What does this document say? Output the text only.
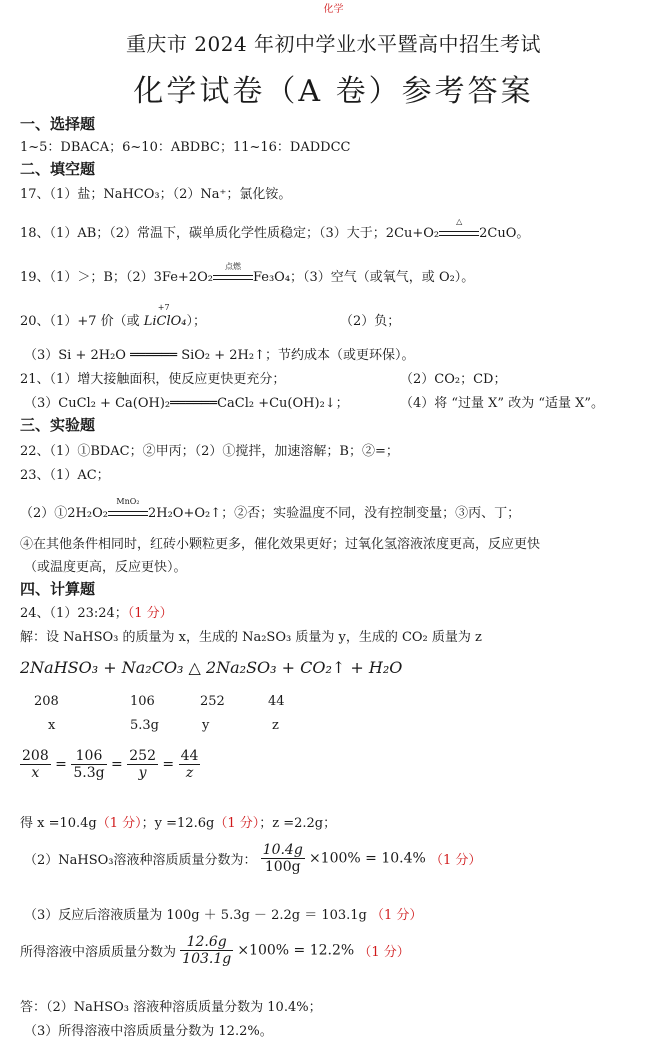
化学
重庆市 2024 年初中学业水平暨高中招生考试
化学试卷（A 卷）参考答案
一、选择题
1~5：DBACA；6~10：ABDBC；11~16：DADDCC
二、填空题
17、（1）盐；NaHCO₃；（2）Na⁺；氯化铵。
18、（1）AB；（2）常温下，碳单质化学性质稳定；（3）大于；2Cu+O₂
△
2CuO。
19、（1）＞；B；（2）3Fe+2O₂
点燃
Fe₃O₄；（3）空气（或氧气，或 O₂）。
20、（1）+7 价（或 LiClO₄
+7
）；	（2）负；
（3）Si + 2H₂O ══════ SiO₂ + 2H₂↑；节约成本（或更环保）。
21、（1）增大接触面积，使反应更快更充分；	（2）CO₂；CD；
（3）CuCl₂ + Ca(OH)₂══════CaCl₂ +Cu(OH)₂↓；	（4）将 “过量 X” 改为 “适量 X”。
三、实验题
22、（1）①BDAC；②甲丙；（2）①搅拌，加速溶解；B；②=；
23、（1）AC；
（2）①2H₂O₂
MnO₂
2H₂O+O₂↑；②否；实验温度不同，没有控制变量；③丙、丁；
④在其他条件相同时，红砖小颗粒更多，催化效果更好；过氧化氢溶液浓度更高，反应更快
（或温度更高，反应更快）。
四、计算题
24、（1）23:24；（1 分）
解：设 NaHSO₃ 的质量为 x，生成的 Na₂SO₃ 质量为 y，生成的 CO₂ 质量为 z
2NaHSO₃ + Na₂CO₃ △ 2Na₂SO₃ + CO₂↑ + H₂O
208	106	252	44
x	5.3g	y	z
$\frac{208}{x} = \frac{106}{5.3g} = \frac{252}{y} = \frac{44}{z}$
得 x =10.4g（1 分）；y =12.6g（1 分）；z =2.2g；
（2）NaHSO₃溶液种溶质质量分数为： $\frac{10.4g}{100g} \times 100\% = 10.4\%$ （1 分）
（3）反应后溶液质量为 100g ＋ 5.3g － 2.2g ＝ 103.1g （1 分）
所得溶液中溶质质量分数为 $\frac{12.6g}{103.1g} \times 100\% = 12.2\%$ （1 分）
答：（2）NaHSO₃ 溶液种溶质质量分数为 10.4%；
（3）所得溶液中溶质质量分数为 12.2%。
